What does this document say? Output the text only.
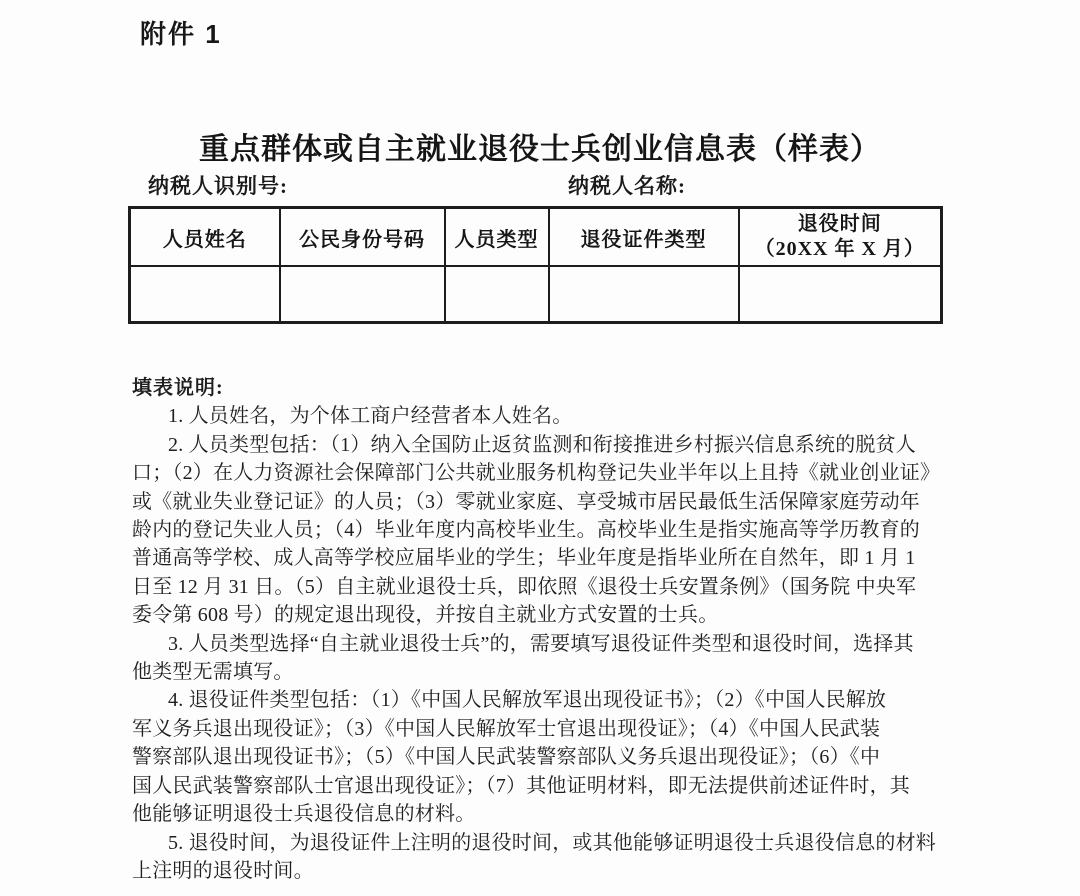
附件 1
重点群体或自主就业退役士兵创业信息表（样表）
纳税人识别号:	纳税人名称:
人员姓名	公民身份号码	人员类型	退役证件类型	退役时间
（20XX 年 X 月）

填表说明:
1. 人员姓名，为个体工商户经营者本人姓名。
2. 人员类型包括：（1）纳入全国防止返贫监测和衔接推进乡村振兴信息系统的脱贫人
口；（2）在人力资源社会保障部门公共就业服务机构登记失业半年以上且持《就业创业证》
或《就业失业登记证》的人员；（3）零就业家庭、享受城市居民最低生活保障家庭劳动年
龄内的登记失业人员；（4）毕业年度内高校毕业生。高校毕业生是指实施高等学历教育的
普通高等学校、成人高等学校应届毕业的学生；毕业年度是指毕业所在自然年，即 1 月 1
日至 12 月 31 日。（5）自主就业退役士兵，即依照《退役士兵安置条例》（国务院 中央军
委令第 608 号）的规定退出现役，并按自主就业方式安置的士兵。
3. 人员类型选择“自主就业退役士兵”的，需要填写退役证件类型和退役时间，选择其
他类型无需填写。
4. 退役证件类型包括：（1）《中国人民解放军退出现役证书》；（2）《中国人民解放
军义务兵退出现役证》；（3）《中国人民解放军士官退出现役证》；（4）《中国人民武装
警察部队退出现役证书》；（5）《中国人民武装警察部队义务兵退出现役证》；（6）《中
国人民武装警察部队士官退出现役证》；（7）其他证明材料，即无法提供前述证件时，其
他能够证明退役士兵退役信息的材料。
5. 退役时间，为退役证件上注明的退役时间，或其他能够证明退役士兵退役信息的材料
上注明的退役时间。
